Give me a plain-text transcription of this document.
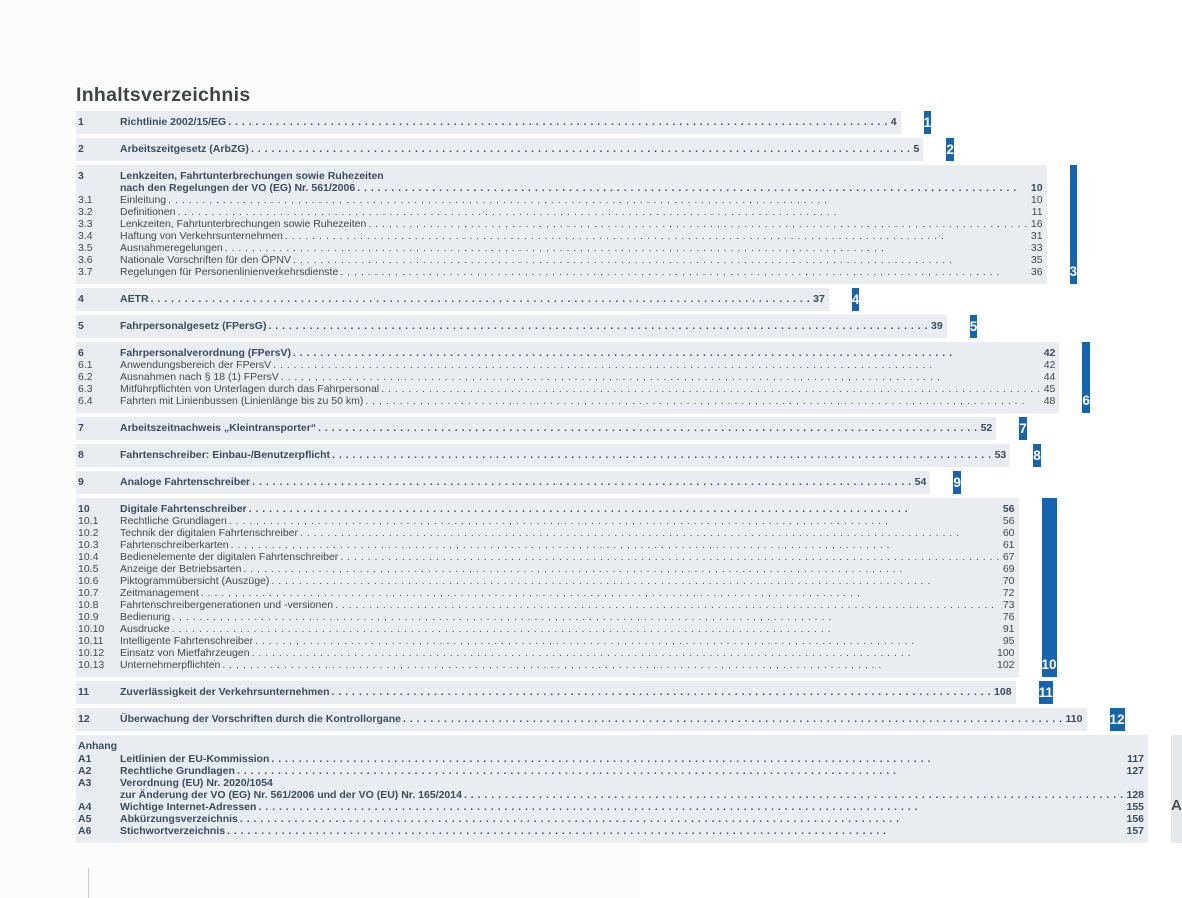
Inhaltsverzeichnis
1	Richtlinie 2002/15/EG . . .	4 1
2	Arbeitszeitgesetz (ArbZG) . . .	5 2
3	Lenkzeiten, Fahrtunterbrechungen sowie Ruhezeiten
nach den Regelungen der VO (EG) Nr. 561/2006 . . .	10
3.1	Einleitung . . .	10
3.2	Definitionen . . .	11
3.3	Lenkzeiten, Fahrtunterbrechungen sowie Ruhezeiten . . .	16
3.4	Haftung von Verkehrsunternehmen . . .	31
3.5	Ausnahmeregelungen . . .	33
3.6	Nationale Vorschriften für den ÖPNV . . .	35
3.7	Regelungen für Personenlinienverkehrsdienste . . .	36 3
4	AETR . . .	37 4
5	Fahrpersonalgesetz (FPersG) . . .	39 5
6	Fahrpersonalverordnung (FPersV) . . .	42
6.1	Anwendungsbereich der FPersV . . .	42
6.2	Ausnahmen nach § 18 (1) FPersV . . .	44
6.3	Mitführpflichten von Unterlagen durch das Fahrpersonal . . .	45
6.4	Fahrten mit Linienbussen (Linienlänge bis zu 50 km) . . .	48 6
7	Arbeitszeitnachweis „Kleintransporter“ . . .	52 7
8	Fahrtenschreiber: Einbau-/Benutzerpflicht . . .	53 8
9	Analoge Fahrtenschreiber . . .	54 9
10	Digitale Fahrtenschreiber . . .	56
10.1	Rechtliche Grundlagen . . .	56
10.2	Technik der digitalen Fahrtenschreiber . . .	60
10.3	Fahrtenschreiberkarten . . .	61
10.4	Bedienelemente der digitalen Fahrtenschreiber . . .	67
10.5	Anzeige der Betriebsarten . . .	69
10.6	Piktogrammübersicht (Auszüge) . . .	70
10.7	Zeitmanagement . . .	72
10.8	Fahrtenschreibergenerationen und -versionen . . .	73
10.9	Bedienung . . .	76
10.10	Ausdrucke . . .	91
10.11	Intelligente Fahrtenschreiber . . .	95
10.12	Einsatz von Mietfahrzeugen . . .	100
10.13	Unternehmerpflichten . . .	102 10
11	Zuverlässigkeit der Verkehrsunternehmen . . .	108 11
12	Überwachung der Vorschriften durch die Kontrollorgane . . .	110 12
Anhang
A1	Leitlinien der EU-Kommission . . .	117
A2	Rechtliche Grundlagen . . .	127
A3	Verordnung (EU) Nr. 2020/1054
zur Änderung der VO (EG) Nr. 561/2006 und der VO (EU) Nr. 165/2014 . . .	128
A4	Wichtige Internet-Adressen . . .	155
A5	Abkürzungsverzeichnis . . .	156
A6	Stichwortverzeichnis . . .	157
A
